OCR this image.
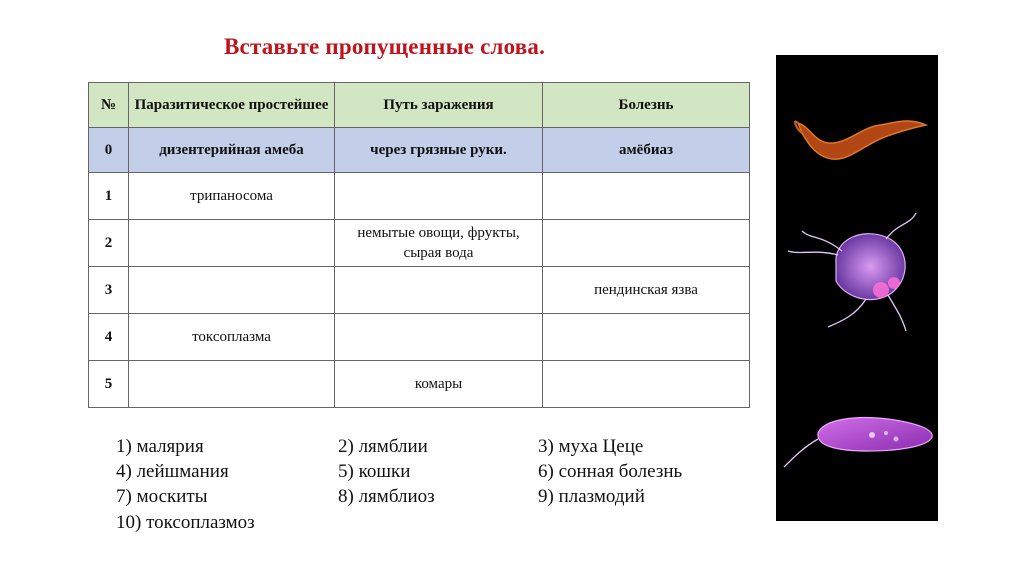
Вставьте пропущенные слова.
№	Паразитическое простейшее	Путь заражения	Болезнь
0	дизентерийная амеба	через грязные руки.	амёбиаз
1	трипаносома		
2		немытые овощи, фрукты, сырая вода	
3			пендинская язва
4	токсоплазма		
5		комары	
1) малярия	2) лямблии	3) муха Цеце
4) лейшмания	5) кошки	6) сонная болезнь
7) москиты	8) лямблиоз	9) плазмодий
10) токсоплазмоз
